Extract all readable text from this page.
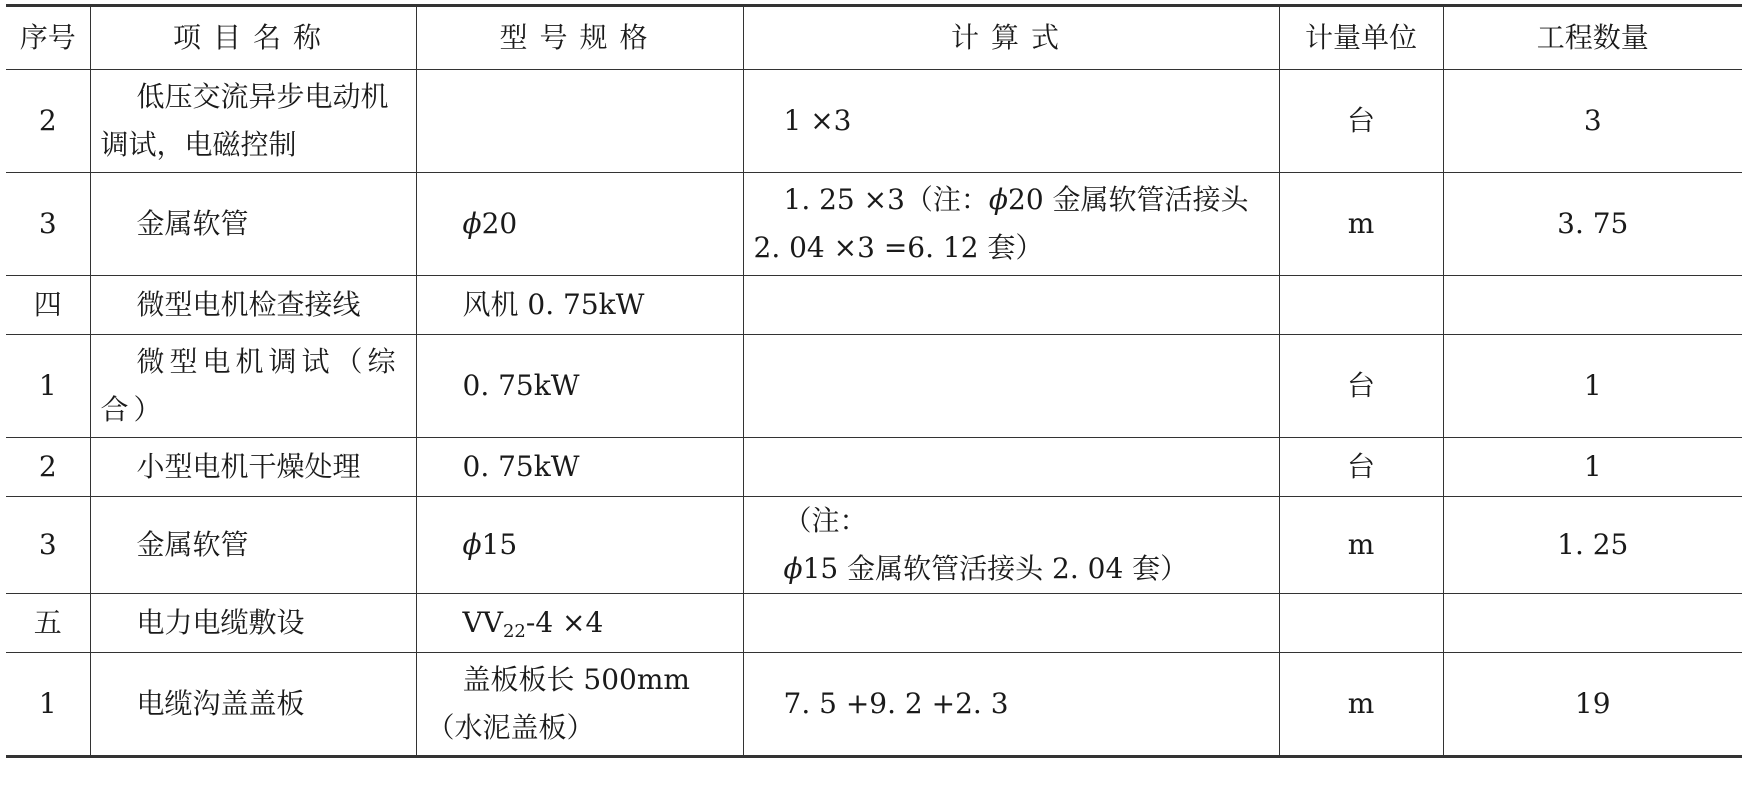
序号	项目名称	型号规格	计算式	计量单位	工程数量
2	低压交流异步电动机调试，电磁控制		1 ×3	台	3
3	金属软管	ϕ20	1. 25 ×3（注：ϕ20 金属软管活接头 2. 04 ×3 =6. 12 套）	m	3. 75
四	微型电机检查接线	风机 0. 75kW			
1	微型电机调试（综合）	0. 75kW		台	1
2	小型电机干燥处理	0. 75kW		台	1
3	金属软管	ϕ15	（注：ϕ15 金属软管活接头 2. 04 套）	m	1. 25
五	电力电缆敷设	$VV_{22}-4 \times 4$			
1	电缆沟盖盖板	盖板板长 500mm（水泥盖板）	7. 5 +9. 2 +2. 3	m	19
